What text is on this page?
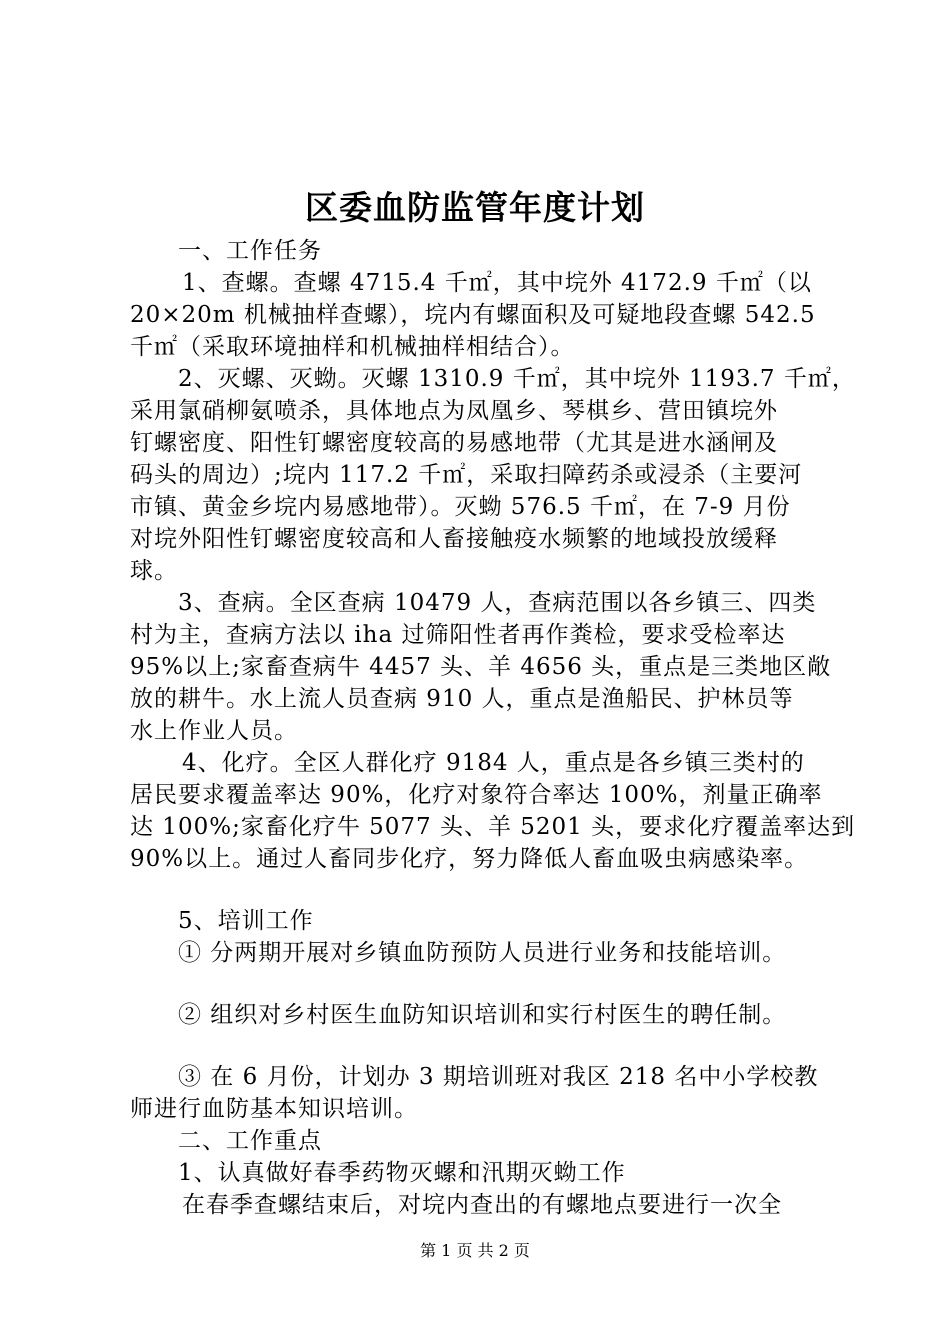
区委血防监管年度计划
一、工作任务
1、查螺。查螺 4715.4 千㎡，其中垸外 4172.9 千㎡（以
20×20m 机械抽样查螺），垸内有螺面积及可疑地段查螺 542.5
千㎡（采取环境抽样和机械抽样相结合）。
2、灭螺、灭蚴。灭螺 1310.9 千㎡，其中垸外 1193.7 千㎡，
采用氯硝柳氨喷杀，具体地点为凤凰乡、琴棋乡、营田镇垸外
钉螺密度、阳性钉螺密度较高的易感地带（尤其是进水涵闸及
码头的周边）;垸内 117.2 千㎡，采取扫障药杀或浸杀（主要河
市镇、黄金乡垸内易感地带）。灭蚴 576.5 千㎡，在 7-9 月份
对垸外阳性钉螺密度较高和人畜接触疫水频繁的地域投放缓释
球。
3、查病。全区查病 10479 人，查病范围以各乡镇三、四类
村为主，查病方法以 iha 过筛阳性者再作粪检，要求受检率达
95%以上;家畜查病牛 4457 头、羊 4656 头，重点是三类地区敞
放的耕牛。水上流人员查病 910 人，重点是渔船民、护林员等
水上作业人员。
4、化疗。全区人群化疗 9184 人，重点是各乡镇三类村的
居民要求覆盖率达 90%，化疗对象符合率达 100%，剂量正确率
达 100%;家畜化疗牛 5077 头、羊 5201 头，要求化疗覆盖率达到
90%以上。通过人畜同步化疗，努力降低人畜血吸虫病感染率。
5、培训工作
① 分两期开展对乡镇血防预防人员进行业务和技能培训。
② 组织对乡村医生血防知识培训和实行村医生的聘任制。
③ 在 6 月份，计划办 3 期培训班对我区 218 名中小学校教
师进行血防基本知识培训。
二、工作重点
1、认真做好春季药物灭螺和汛期灭蚴工作
在春季查螺结束后，对垸内查出的有螺地点要进行一次全
第 1 页 共 2 页
